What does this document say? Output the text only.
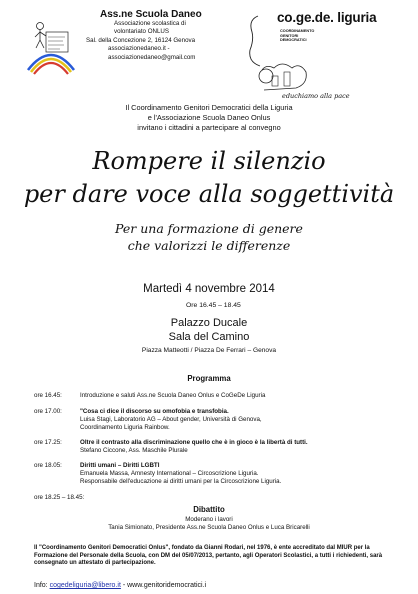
Ass.ne Scuola Daneo
Associazione scolastica di
volontariato ONLUS
Sal. della Concezione 2, 16124 Genova
associazionedaneo.it -
associazionedaneo@gmail.com
co.ge.de. liguria
COORDINAMENTO
GENITORI
DEMOCRATICI
educhiamo alla pace
Il Coordinamento Genitori Democratici della Liguria
e l'Associazione Scuola Daneo Onlus
invitano i cittadini a partecipare al convegno
Rompere il silenzio
per dare voce alla soggettività
Per una formazione di genere
che valorizzi le differenze
Martedì 4 novembre 2014
Ore 16.45 – 18.45
Palazzo Ducale
Sala del Camino
Piazza Matteotti / Piazza De Ferrari – Genova
Programma
ore 16.45:	Introduzione e saluti Ass.ne Scuola Daneo Onlus e CoGeDe Liguria
ore 17.00:	"Cosa ci dice il discorso su omofobia e transfobia.
Luisa Stagi, Laboratorio AG – About gender, Università di Genova,
Coordinamento Liguria Rainbow.
ore 17.25:	Oltre il contrasto alla discriminazione quello che è in gioco è la libertà di tutti.
Stefano Ciccone, Ass. Maschile Plurale
ore 18.05:	Diritti umani – Diritti LGBTI
Emanuela Massa, Amnesty International – Circoscrizione Liguria.
Responsabile dell'educazione ai diritti umani per la Circoscrizione Liguria.
ore 18.25 – 18.45:
Dibattito
Moderano i lavori
Tania Simionato, Presidente Ass.ne Scuola Daneo Onlus e Luca Bricarelli
Il "Coordinamento Genitori Democratici Onlus", fondato da Gianni Rodari, nel 1976, è ente accreditato dal MIUR per la Formazione del Personale della Scuola, con DM del 05/07/2013, pertanto, agli Operatori Scolastici, a tutti i richiedenti, sarà consegnato un attestato di partecipazione.
Info: cogedeliguria@libero.it - www.genitoridemocratici.i
